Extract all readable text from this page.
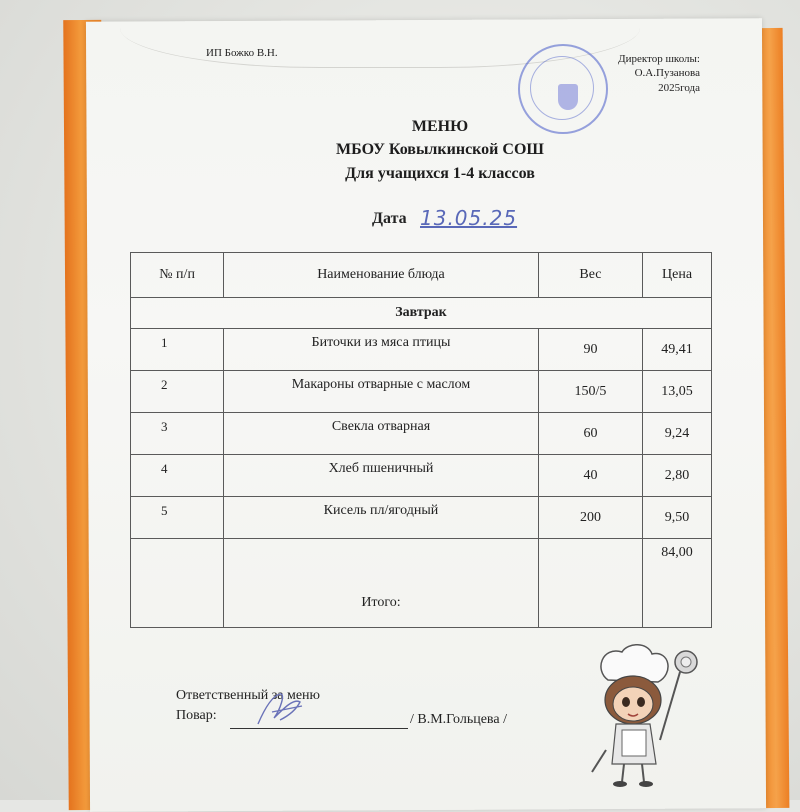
ИП Божко В.Н.	Директор школы:
О.А.Пузанова
2025года
МЕНЮ
МБОУ Ковылкинской СОШ
Для учащихся 1-4 классов
Дата 13.05.25
№ п/п	Наименование блюда	Вес	Цена
Завтрак			
1	Биточки из мяса птицы	90	49,41
2	Макароны отварные с маслом	150/5	13,05
3	Свекла отварная	60	9,24
4	Хлеб пшеничный	40	2,80
5	Кисель пл/ягодный	200	9,50
	Итого:		84,00
Ответственный за меню
Повар:	/ В.М.Гольцева /
